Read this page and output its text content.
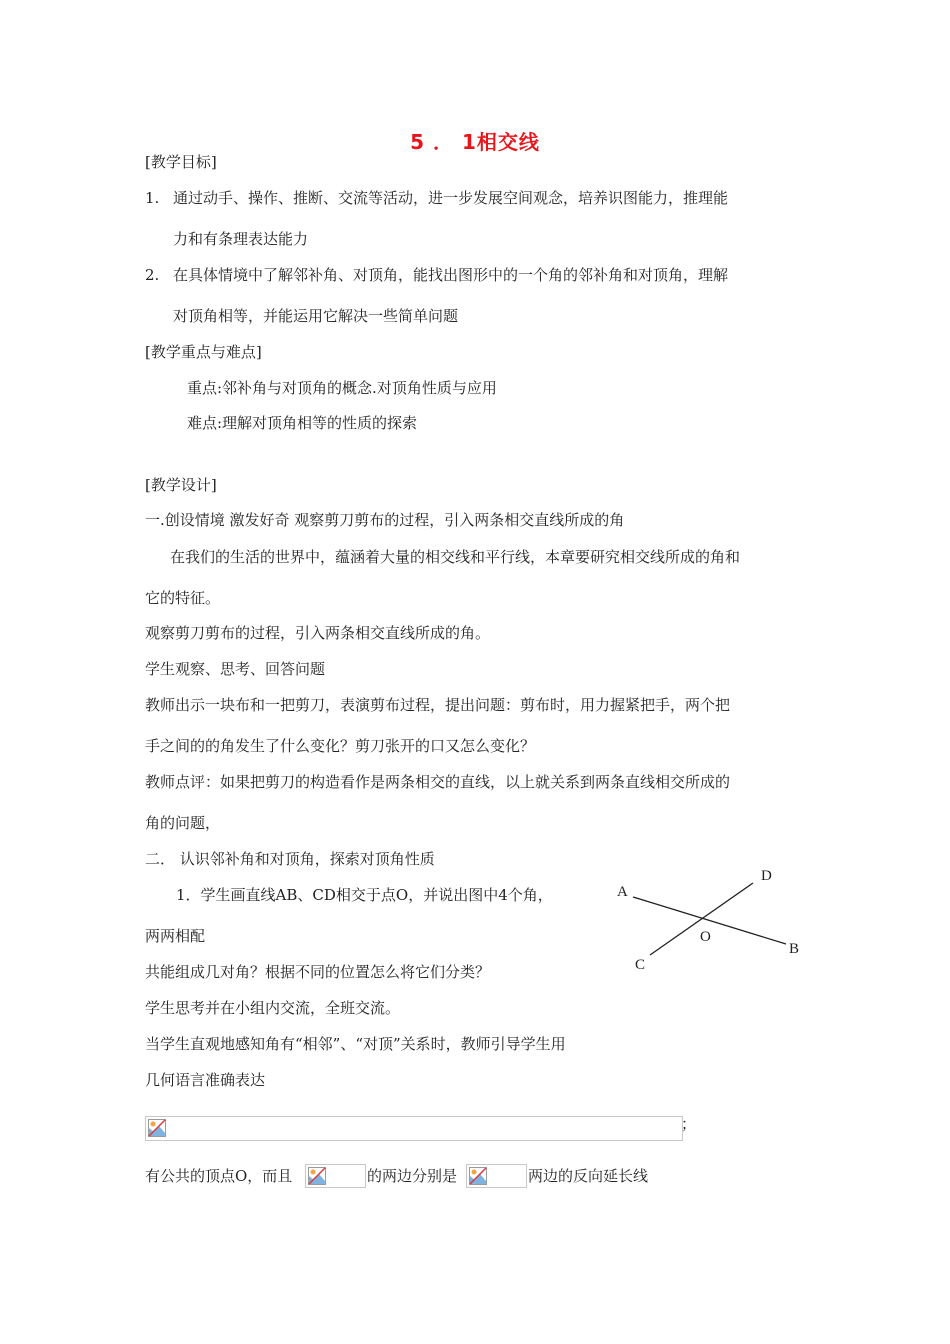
5 ． 1相交线
[教学目标]
1. 通过动手、操作、推断、交流等活动，进一步发展空间观念，培养识图能力，推理能
力和有条理表达能力
2. 在具体情境中了解邻补角、对顶角，能找出图形中的一个角的邻补角和对顶角，理解
对顶角相等，并能运用它解决一些简单问题
[教学重点与难点]
重点:邻补角与对顶角的概念.对顶角性质与应用
难点:理解对顶角相等的性质的探索
[教学设计]
一.创设情境 激发好奇 观察剪刀剪布的过程，引入两条相交直线所成的角
在我们的生活的世界中，蕴涵着大量的相交线和平行线，本章要研究相交线所成的角和
它的特征。
观察剪刀剪布的过程，引入两条相交直线所成的角。
学生观察、思考、回答问题
教师出示一块布和一把剪刀，表演剪布过程，提出问题：剪布时，用力握紧把手，两个把
手之间的的角发生了什么变化？剪刀张开的口又怎么变化？
教师点评：如果把剪刀的构造看作是两条相交的直线，以上就关系到两条直线相交所成的
角的问题，
二． 认识邻补角和对顶角，探索对顶角性质
1．学生画直线AB、CD相交于点O，并说出图中4个角，
两两相配
共能组成几对角？根据不同的位置怎么将它们分类？
学生思考并在小组内交流，全班交流。
当学生直观地感知角有“相邻”、“对顶”关系时，教师引导学生用
几何语言准确表达
A
B
C
D
O
；
有公共的顶点O，而且	的两边分别是	两边的反向延长线
